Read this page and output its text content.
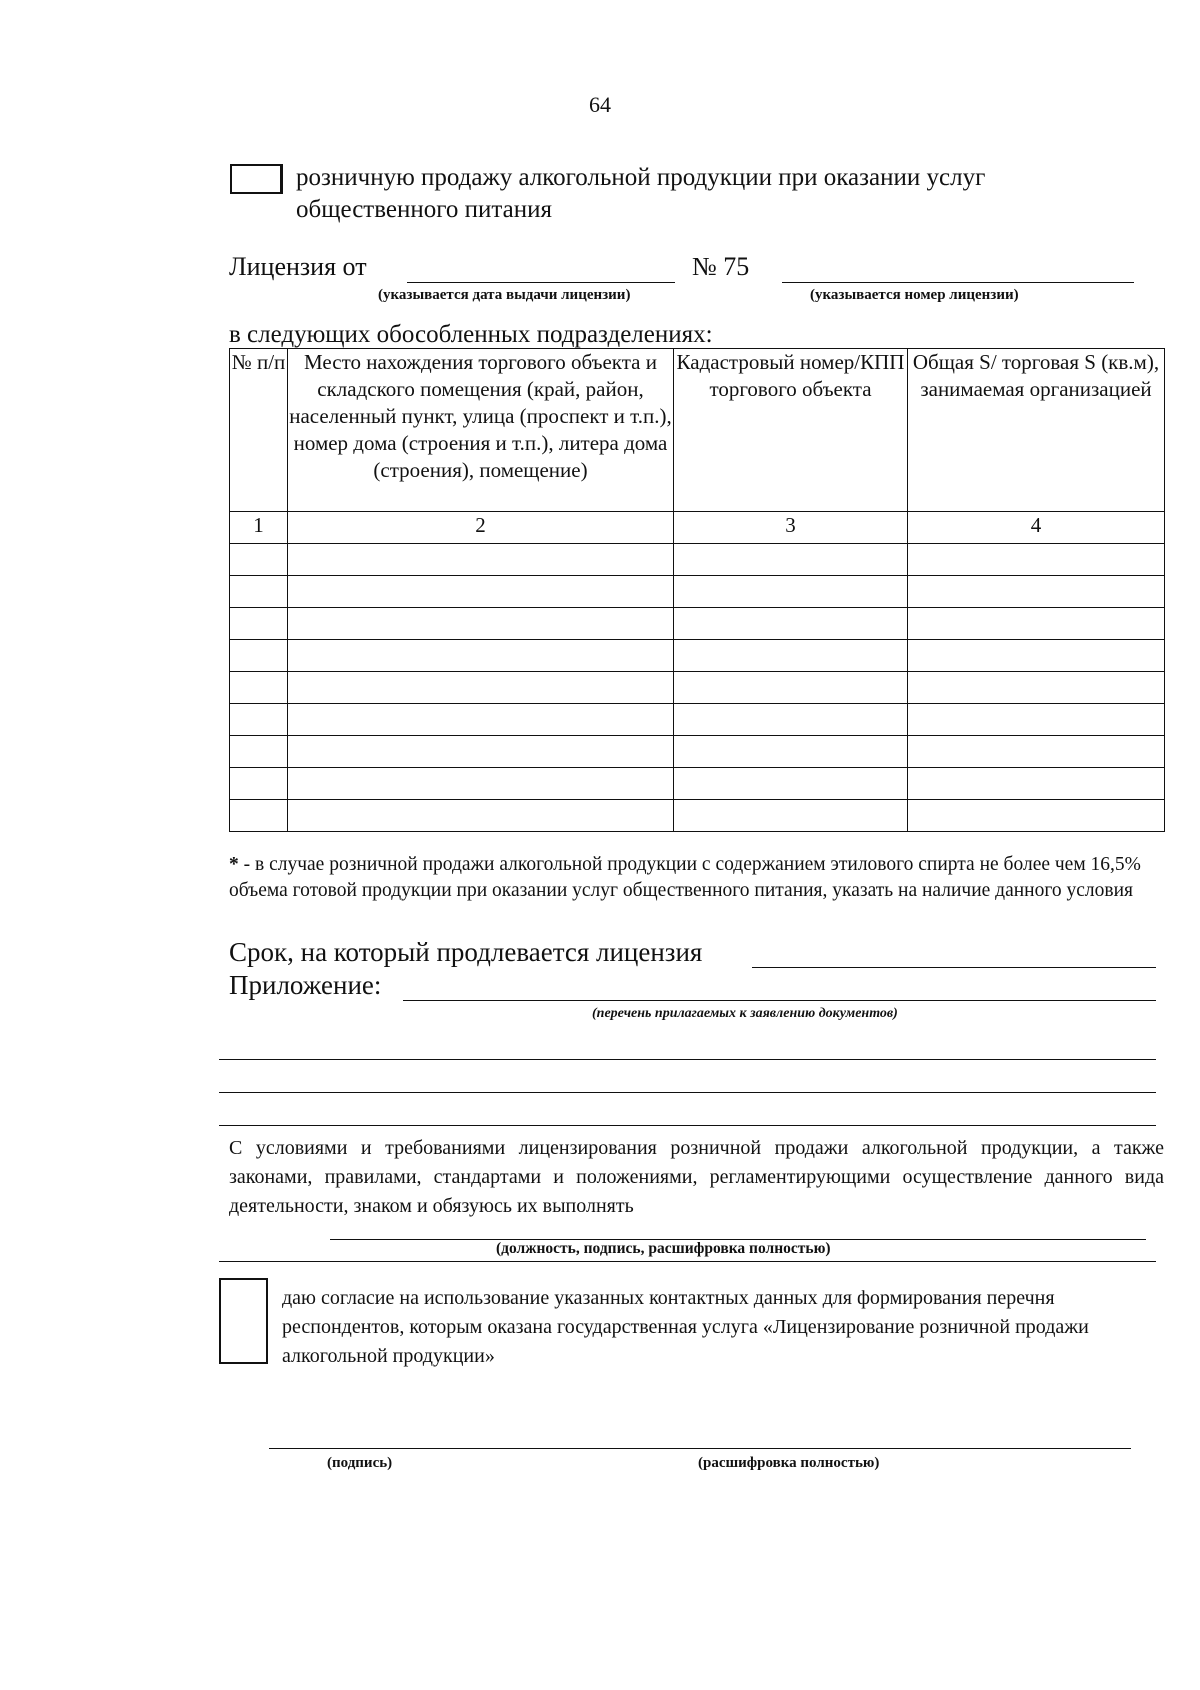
64
розничную продажу алкогольной продукции при оказании услуг
общественного питания
Лицензия от	№ 75
(указывается дата выдачи лицензии)	(указывается номер лицензии)
в следующих обособленных подразделениях:
№ п/п	Место нахождения торгового объекта и складского помещения (край, район, населенный пункт, улица (проспект и т.п.), номер дома (строения и т.п.), литера дома (строения), помещение)	Кадастровый номер/КПП торгового объекта	Общая S/ торговая S (кв.м), занимаемая организацией
1	2	3	4

* - в случае розничной продажи алкогольной продукции с содержанием этилового спирта не более чем 16,5% объема готовой продукции при оказании услуг общественного питания, указать на наличие данного условия
Срок, на который продлевается лицензия
Приложение:
(перечень прилагаемых к заявлению документов)
С условиями и требованиями лицензирования розничной продажи алкогольной продукции, а также законами, правилами, стандартами и положениями, регламентирующими осуществление данного вида деятельности, знаком и обязуюсь их выполнять
(должность, подпись, расшифровка полностью)
даю согласие на использование указанных контактных данных для формирования перечня респондентов, которым оказана государственная услуга «Лицензирование розничной продажи алкогольной продукции»
(подпись)	(расшифровка полностью)
